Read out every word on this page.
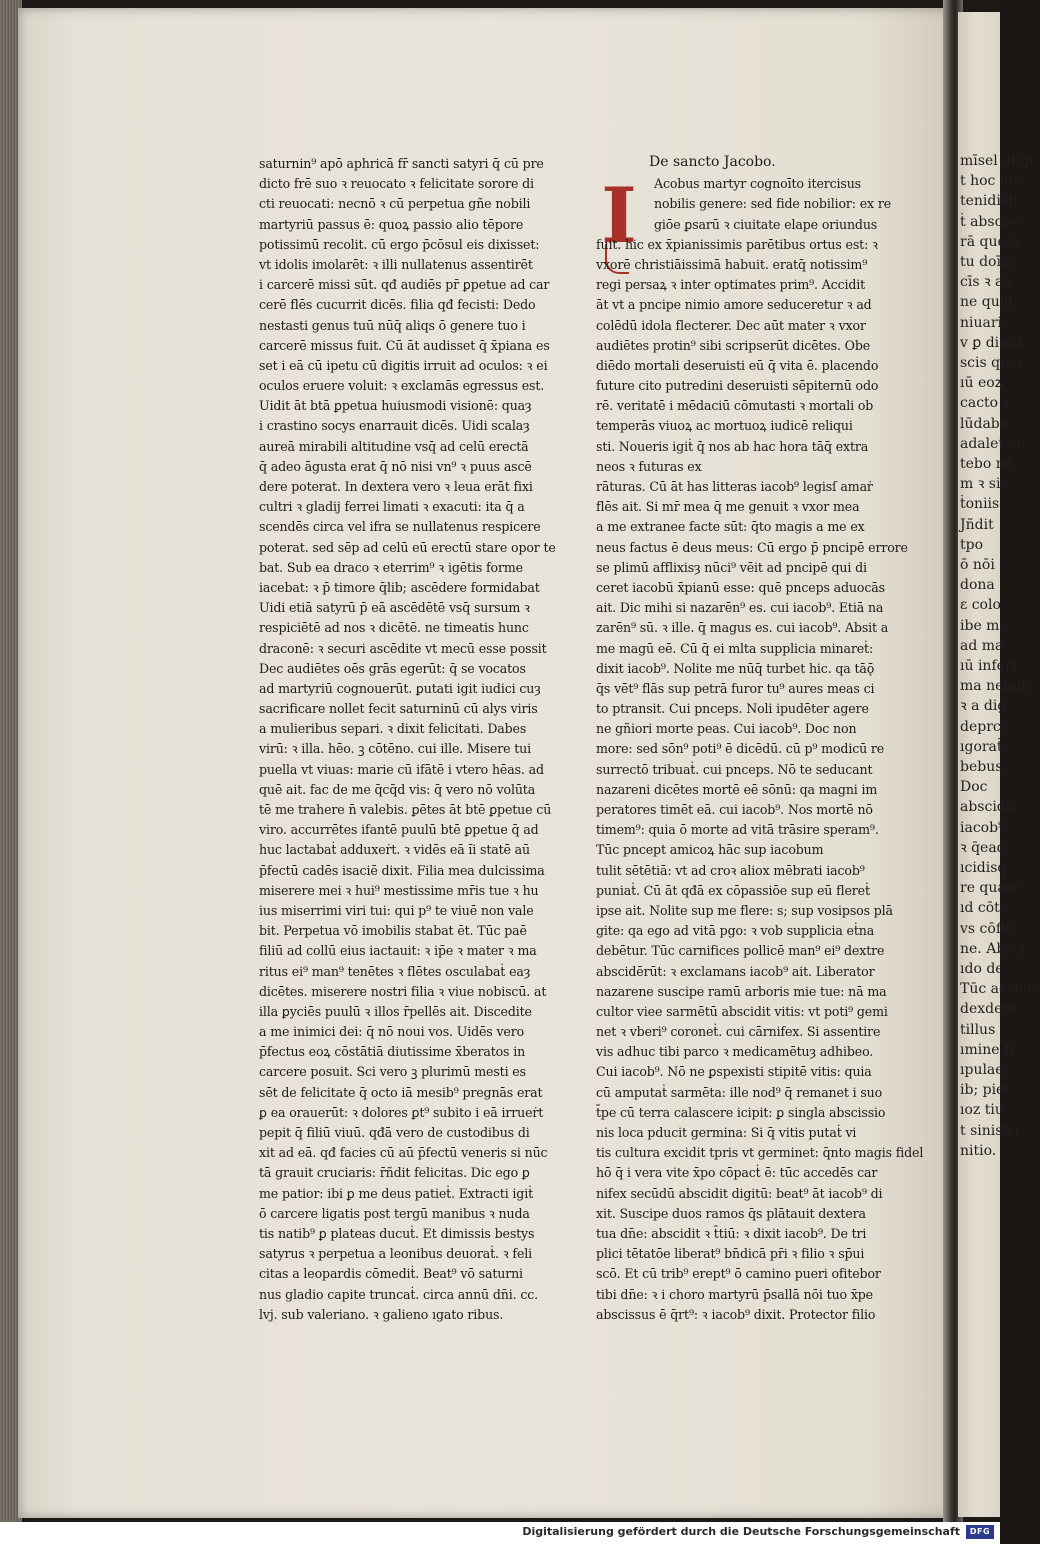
saturnin⁹ apō aphricā fr̄ sancti satyri q̄ cū pre
dicto frē suo ꝛ reuocato ꝛ felicitate sorore di
cti reuocati: necnō ꝛ cū perpetua gñe nobili
martyriū passus ē: quoꝝ passio alio tēpore
potissimū recolit. cū ergo p̄cōsul eis dixisset:
vt idolis imolarēt: ꝛ illi nullatenus assentirēt
i carcerē missi sūt. qđ audiēs pr̄ ꝑpetue ad car
cerē flēs cucurrit dicēs. filia qđ fecisti: Dedo
nestasti genus tuū nūq̄ aliqs ō genere tuo i
carcerē missus fuit. Cū āt audisset q̄ x̄piana es
set i eā cū ipetu cū digitis irruit ad oculos: ꝛ ei
oculos eruere voluit: ꝛ exclamās egressus est.
Uidit āt btā ꝑpetua huiusmodi visionē: quaȝ
i crastino socys enarrauit dicēs. Uidi scalaȝ
aureā mirabili altitudine vsq̄ ad celū erectā
q̄ adeo āgusta erat q̄ nō nisi vn⁹ ꝛ puus ascē
dere poterat. In dextera vero ꝛ leua erāt fixi
cultri ꝛ gladij ferrei limati ꝛ exacuti: ita q̄ a
scendēs circa vel ifra se nullatenus respicere
poterat. sed sēp ad celū eū erectū stare opor te
bat. Sub ea draco ꝛ eterrim⁹ ꝛ igētis forme
iacebat: ꝛ p̄ timore q̄lib; ascēdere formidabat
Uidi etiā satyrū p̄ eā ascēdētē vsq̄ sursum ꝛ
respiciētē ad nos ꝛ dicētē. ne timeatis hunc
draconē: ꝛ securi ascēdite vt mecū esse possit
Dec audiētes oēs grās egerūt: q̄ se vocatos
ad martyriū cognouerūt. ꝑutati igit iudici cuȝ
sacrificare nollet fecit saturninū cū alys viris
a mulieribus separi. ꝛ dixit felicitati. Dabes
virū: ꝛ illa. hēo. ꝫ cōtēno. cui ille. Misere tui
puella vt viuas: marie cū ifātē i vtero hēas. ad
quē ait. fac de me q̄cq̄d vis: q̄ vero nō volūta
tē me trahere n̄ valebis. ꝑētes āt btē ꝑpetue cū
viro. accurrētes ifantē puulū btē ꝑpetue q̄ ad
huc lactabaṫ adduxeṙt. ꝛ vidēs eā ı̄i statē aū
p̄fectū cadēs isaciē dixit. Filia mea dulcissima
miserere mei ꝛ hui⁹ mestissime mr̄is tue ꝛ hu
ius miserrimi viri tui: qui p⁹ te viuē non vale
bit. Perpetua vō imobilis stabat ēt. Tūc paē
filiū ad collū eius iactauit: ꝛ ip̄e ꝛ mater ꝛ ma
ritus ei⁹ man⁹ tenētes ꝛ flētes osculabaṫ eaȝ
dicētes. miserere nostri filia ꝛ viue nobiscū. at
illa ꝑyciēs puulū ꝛ illos r̄pellēs ait. Discedite
a me inimici dei: q̄ nō noui vos. Uidēs vero
p̄fectus eoꝝ cōstātiā diutissime x̄beratos in
carcere posuit. Sci vero ꝫ plurimū mesti es
sēt de felicitate q̄ octo iā mesib⁹ pregnās erat
ꝑ ea orauerūt: ꝛ dolores ꝑt⁹ subito i eā irrueṙt
pepit q̄ filiū viuū. qđā vero de custodibus di
xit ad eā. qđ facies cū aū p̄fectū veneris si nūc
tā grauit cruciaris: r̄ñdit felicitas. Dic ego ꝑ
me patior: ibi ꝑ me deus patieṫ. Extracti igiṫ
ō carcere ligatis post tergū manibus ꝛ nuda
tis natib⁹ ꝑ plateas ducuṫ. Et dimissis bestys
satyrus ꝛ perpetua a leonibus deuoraṫ. ꝛ feli
citas a leopardis cōmediṫ. Beat⁹ vō saturni
nus gladio capite truncaṫ. circa annū dn̄i. cc.
lvj. sub valeriano. ꝛ galieno ıgato ribus.
De sancto Jacobo.
I	Acobus martyr cognoīto itercisus
nobilis genere: sed fide nobilior: ex re
giōe ꝑsarū ꝛ ciuitate elape oriundus
fuit. hic ex x̄pianissimis parētibus ortus est: ꝛ
vxorē christiāissimā habuit. eratq̄ notissim⁹
regi persaꝝ ꝛ inter optimates prim⁹. Accidit
āt vt a pncipe nimio amore seduceretur ꝛ ad
colēdū idola flecterer. Dec aūt mater ꝛ vxor
audiētes protin⁹ sibi scripserūt dicētes. Obe
diēdo mortali deseruisti eū q̄ vita ē. placendo
future cito putredini deseruisti sēpiternū odo
rē. veritatē i mēdaciū cōmutasti ꝛ mortali ob
temperās viuoꝝ ac mortuoꝝ iudicē reliqui
sti. Noueris igiṫ q̄ nos ab hac hora tāq̄ extra
neos ꝛ futuras ex
rāturas. Cū āt has litteras iacob⁹ legisſ amaṙ
flēs ait. Si mr̄ mea q̄ me genuit ꝛ vxor mea
a me extranee facte sūt: q̄to magis a me ex
neus factus ē deus meus: Cū ergo p̄ pncipē errore
se plimū afflixisȝ nūci⁹ vēit ad pncipē qui di
ceret iacobū x̄pianū esse: quē pnceps aduocās
ait. Dic mihi si nazarēn⁹ es. cui iacob⁹. Etiā na
zarēn⁹ sū. ꝛ ille. q̄ magus es. cui iacob⁹. Absit a
me magū eē. Cū q̄ ei mlta supplicia minareṫ:
dixit iacob⁹. Nolite me nūq̄ turbet hic. qa tāǭ
q̄s vēt⁹ flās sup petrā furor tu⁹ aures meas ci
to ptransit. Cui pnceps. Noli ipudēter agere
ne gñiori morte peas. Cui iacob⁹. Doc non
more: sed sōn⁹ poti⁹ ē dicēdū. cū p⁹ modicū re
surrectō tribuaṫ. cui pnceps. Nō te seducant
nazareni dicētes mortē eē sōnū: qa magni im
peratores timēt eā. cui iacob⁹. Nos mortē nō
timem⁹: quia ō morte ad vitā trāsire speram⁹.
Tūc pncept amicoꝝ hāc sup iacobum
tulit sētētiā: vt ad croꝛ aliox mēbrati iacob⁹
puniaṫ. Cū āt qđā ex cōpassiōe sup eū flereṫ
ipse ait. Nolite sup me flere: s; sup vosipsos plā
gite: qa ego ad vitā pgo: ꝛ vob supplicia eṫna
debētur. Tūc carnifices pollicē man⁹ ei⁹ dextre
abscidērūt: ꝛ exclamans iacob⁹ ait. Liberator
nazarene suscipe ramū arboris mie tue: nā ma
cultor viee sarmētū abscidit vitis: vt poti⁹ gemi
net ꝛ vberi⁹ coroneṫ. cui cārnifex. Si assentire
vis adhuc tibi parco ꝛ medicamētuȝ adhibeo.
Cui iacob⁹. Nō ne ꝑspexisti stipitē vitis: quia
cū amputaṫ sarmēta: ille nod⁹ q̄ remanet i suo
t̄pe cū terra calascere icipit: ꝑ singla abscissio
nis loca pducit germina: Si q̄ vitis putaṫ vi
tis cultura excidit tpris vt germinet: q̄nto magis fidel
hō q̄ i vera vite x̄po cōpacṫ ē: tūc accedēs car
nifex secūdū abscidit digitū: beat⁹ āt iacob⁹ di
xit. Suscipe duos ramos q̄s plātauit dextera
tua dn̄e: abscidit ꝛ t̄tiū: ꝛ dixit iacob⁹. De tri
plici tētatōe liberat⁹ bn̄dicā pr̄i ꝛ filio ꝛ sp̄ui
scō. Et cū trib⁹ erept⁹ ō camino pueri ofitebor
tibi dn̄e: ꝛ i choro martyrū p̄sallā nōi tuo x̄pe
abscissus ē q̄rt⁹: ꝛ iacob⁹ dixit. Protector filio
mīsel di q̄ı
t hoc die
tenidisti
ṫ abscise
rā quem
tu doīne
cīs ꝛ aū
ne quid
niuaris
v ꝑ digitī
scis quia
ıū eoꝝ
cacto ꝛ
lūdabit
adalet ab
tebo nō
m ꝛ sic
ṫoniis
Jñdit
tpo
ō nōi
dona
ɛ colo
ibe ma
ad ma
ıū inferi
ma nefada
ꝛ a dig
deprci
ıgoraṫ
bebus.
Doc
abscidii
iacob⁹
ꝛ q̄ead
ıcidisq
re quare
ıd cōtē
vs cōfite
ne. Abscı
ıdo de
Tūc accede
dexderit
tillus
ımine fi
ıpulae
ib; piet
ıoz tiu
t sinistri
nitio.
Digitalisierung gefördert durch die Deutsche Forschungsgemeinschaft	DFG
